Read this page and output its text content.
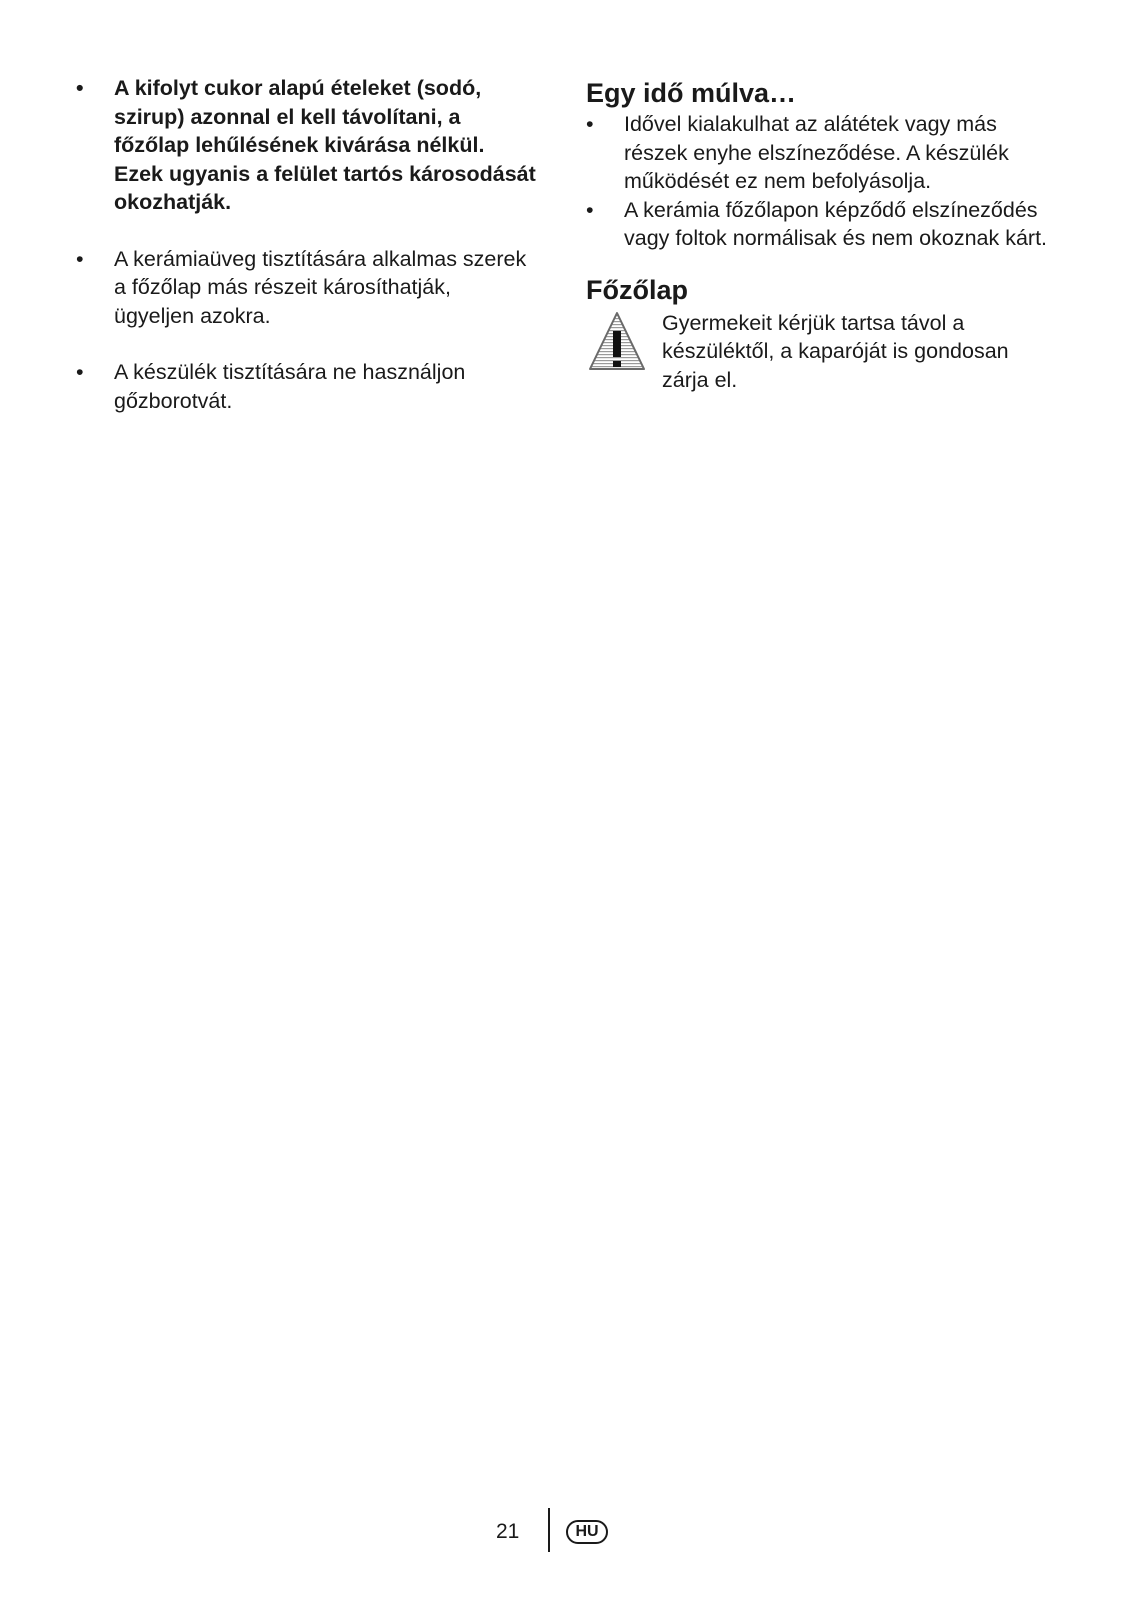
• A kifolyt cukor alapú ételeket (sodó, szirup) azonnal el kell távolítani, a főzőlap lehűlésének kivárása nélkül. Ezek ugyanis a felület tartós károsodását okozhatják.
• A kerámiaüveg tisztítására alkalmas szerek a főzőlap más részeit károsíthatják, ügyeljen azokra.
• A készülék tisztítására ne használjon gőzborotvát.
Egy idő múlva…
• Idővel kialakulhat az alátétek vagy más részek enyhe elszíneződése. A készülék működését ez nem befolyásolja.
• A kerámia főzőlapon képződő elszíneződés vagy foltok normálisak és nem okoznak kárt.
Főzőlap
Gyermekeit kérjük tartsa távol a készüléktől, a kaparóját is gondosan zárja el.
21	HU
